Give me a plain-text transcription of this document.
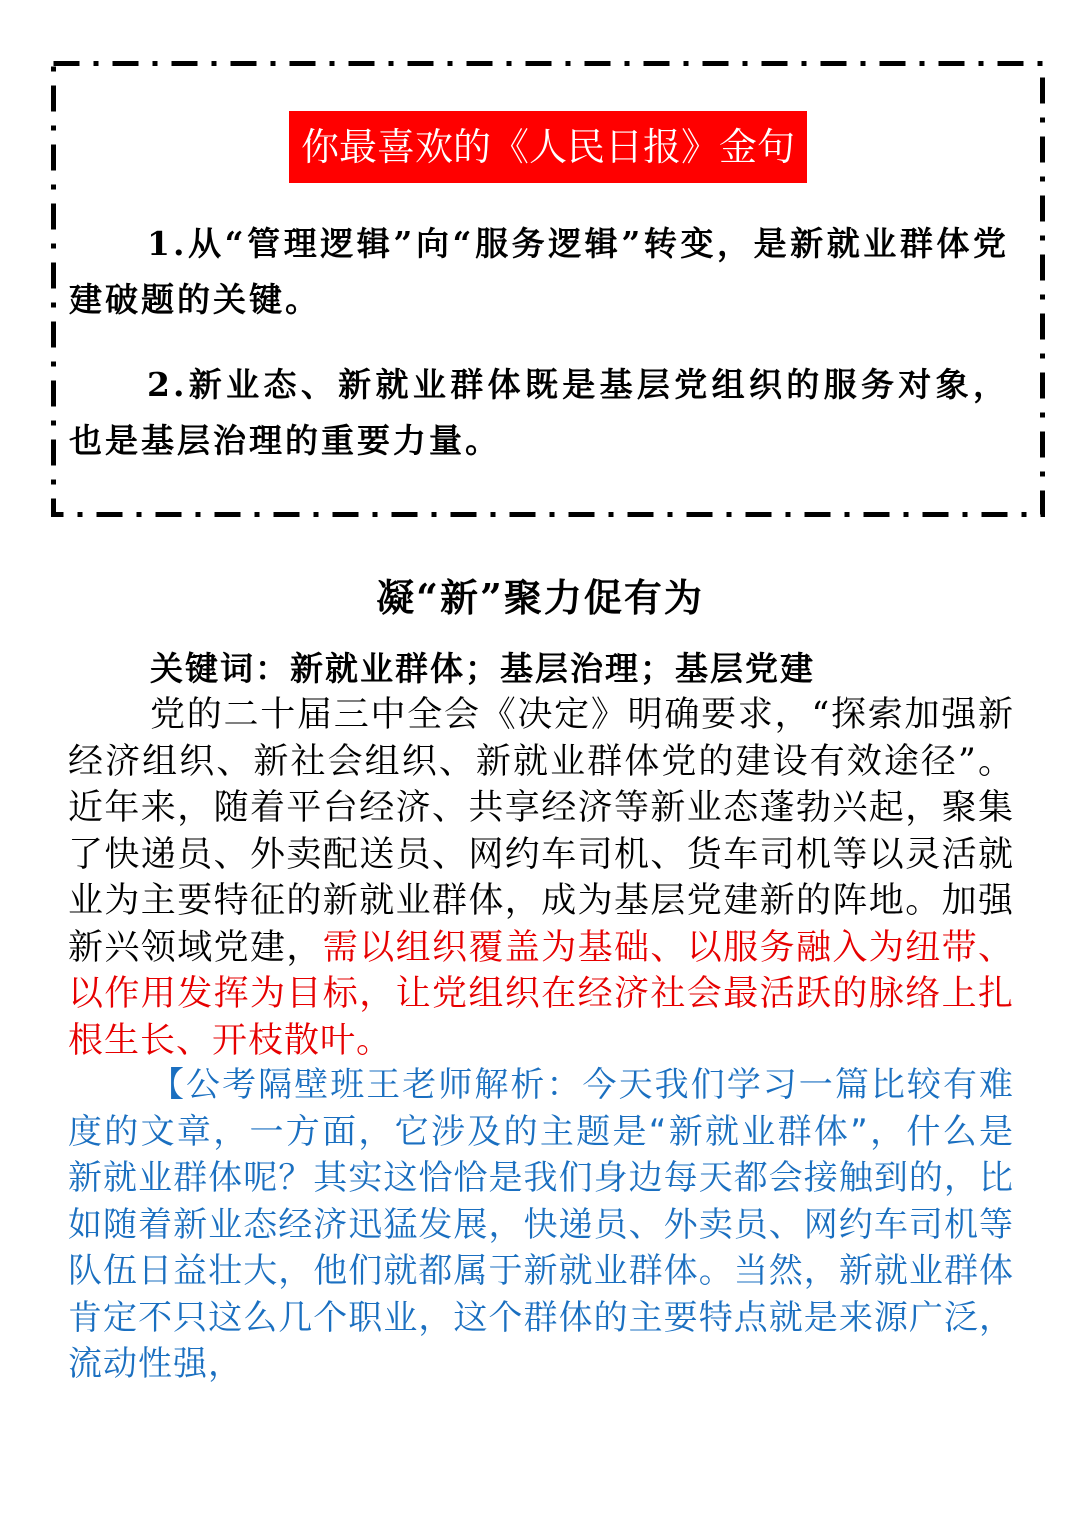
你最喜欢的《人民日报》金句
1.从“管理逻辑”向“服务逻辑”转变，是新就业群体党建破题的关键。
2.新业态、新就业群体既是基层党组织的服务对象，也是基层治理的重要力量。
凝“新”聚力促有为
关键词：新就业群体；基层治理；基层党建
党的二十届三中全会《决定》明确要求，“探索加强新经济组织、新社会组织、新就业群体党的建设有效途径”。近年来，随着平台经济、共享经济等新业态蓬勃兴起，聚集了快递员、外卖配送员、网约车司机、货车司机等以灵活就业为主要特征的新就业群体，成为基层党建新的阵地。加强新兴领域党建，需以组织覆盖为基础、以服务融入为纽带、以作用发挥为目标，让党组织在经济社会最活跃的脉络上扎根生长、开枝散叶。
【公考隔壁班王老师解析：今天我们学习一篇比较有难度的文章，一方面，它涉及的主题是“新就业群体”，什么是新就业群体呢？其实这恰恰是我们身边每天都会接触到的，比如随着新业态经济迅猛发展，快递员、外卖员、网约车司机等队伍日益壮大，他们就都属于新就业群体。当然，新就业群体肯定不只这么几个职业，这个群体的主要特点就是来源广泛，流动性强，
